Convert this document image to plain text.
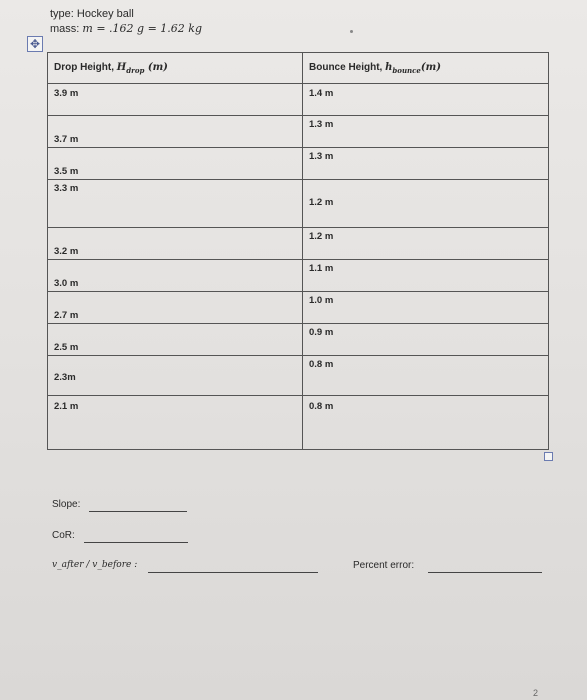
type: Hockey ball
mass: m = .162 g = 1.62 kg
✥
Drop Height, $H_{drop}$ (m)	Bounce Height, $h_{bounce}(m)$

3.9 m	1.4 m

3.7 m	1.3 m

3.5 m	1.3 m

3.3 m	1.2 m

3.2 m	1.2 m

3.0 m	1.1 m

2.7 m	1.0 m

2.5 m	0.9 m

2.3m	0.8 m

2.1 m	0.8 m
Slope:
CoR:
v_after / v_before :	Percent error:
2
